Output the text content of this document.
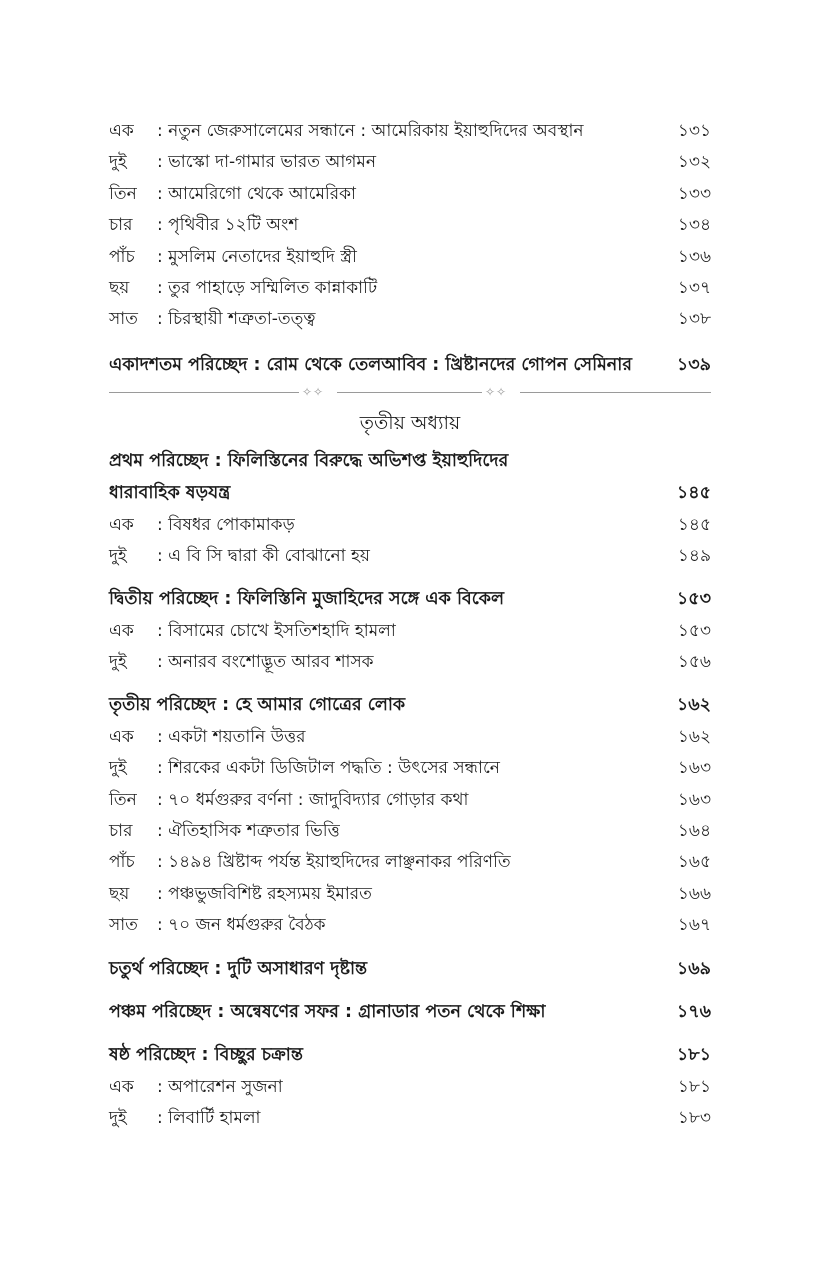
এক	: নতুন জেরুসালেমের সন্ধানে : আমেরিকায় ইয়াহুদিদের অবস্থান	১৩১
দুই	: ভাস্কো দা-গামার ভারত আগমন	১৩২
তিন	: আমেরিগো থেকে আমেরিকা	১৩৩
চার	: পৃথিবীর ১২টি অংশ	১৩৪
পাঁচ	: মুসলিম নেতাদের ইয়াহুদি স্ত্রী	১৩৬
ছয়	: তুর পাহাড়ে সম্মিলিত কান্নাকাটি	১৩৭
সাত	: চিরস্থায়ী শত্রুতা-তত্ত্ব	১৩৮
একাদশতম পরিচ্ছেদ : রোম থেকে তেলআবিব : খ্রিষ্টানদের গোপন সেমিনার	১৩৯
✧✧	✧✧
তৃতীয় অধ্যায়
প্রথম পরিচ্ছেদ : ফিলিস্তিনের বিরুদ্ধে অভিশপ্ত ইয়াহুদিদের
ধারাবাহিক ষড়যন্ত্র	১৪৫
এক	: বিষধর পোকামাকড়	১৪৫
দুই	: এ বি সি দ্বারা কী বোঝানো হয়	১৪৯
দ্বিতীয় পরিচ্ছেদ : ফিলিস্তিনি মুজাহিদের সঙ্গে এক বিকেল	১৫৩
এক	: বিসামের চোখে ইসতিশহাদি হামলা	১৫৩
দুই	: অনারব বংশোদ্ভূত আরব শাসক	১৫৬
তৃতীয় পরিচ্ছেদ : হে আমার গোত্রের লোক	১৬২
এক	: একটা শয়তানি উত্তর	১৬২
দুই	: শিরকের একটা ডিজিটাল পদ্ধতি : উৎসের সন্ধানে	১৬৩
তিন	: ৭০ ধর্মগুরুর বর্ণনা : জাদুবিদ্যার গোড়ার কথা	১৬৩
চার	: ঐতিহাসিক শত্রুতার ভিত্তি	১৬৪
পাঁচ	: ১৪৯৪ খ্রিষ্টাব্দ পর্যন্ত ইয়াহুদিদের লাঞ্ছনাকর পরিণতি	১৬৫
ছয়	: পঞ্চভুজবিশিষ্ট রহস্যময় ইমারত	১৬৬
সাত	: ৭০ জন ধর্মগুরুর বৈঠক	১৬৭
চতুর্থ পরিচ্ছেদ : দুটি অসাধারণ দৃষ্টান্ত	১৬৯
পঞ্চম পরিচ্ছেদ : অন্বেষণের সফর : গ্রানাডার পতন থেকে শিক্ষা	১৭৬
ষষ্ঠ পরিচ্ছেদ : বিচ্ছুর চক্রান্ত	১৮১
এক	: অপারেশন সুজনা	১৮১
দুই	: লিবার্টি হামলা	১৮৩
